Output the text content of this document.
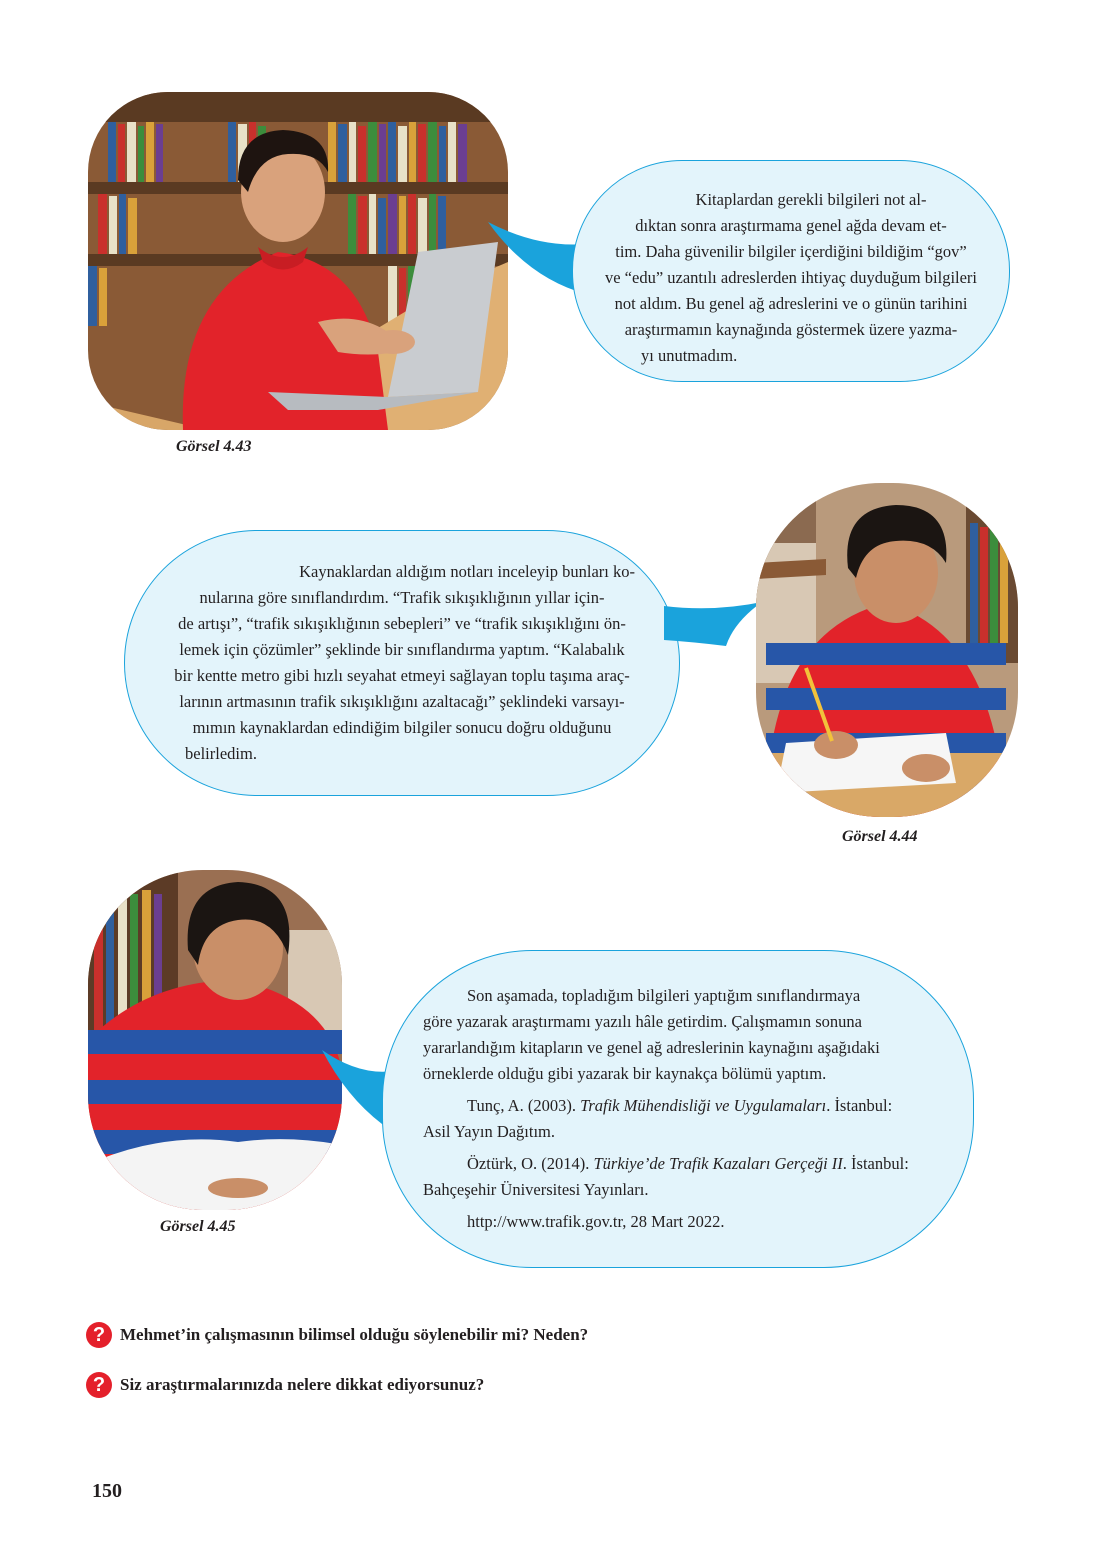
Görsel 4.43

Kitaplardan gerekli bilgileri not al-

dıktan sonra araştırmama genel ağda devam et-

tim. Daha güvenilir bilgiler içerdiğini bildiğim “gov”

ve “edu” uzantılı adreslerden ihtiyaç duyduğum bilgileri

not aldım. Bu genel ağ adreslerini ve o günün tarihini

araştırmamın kaynağında göstermek üzere yazma-

yı unutmadım.

Kaynaklardan aldığım notları inceleyip bunları ko-

nularına göre sınıflandırdım. “Trafik sıkışıklığının yıllar için-

de artışı”, “trafik sıkışıklığının sebepleri” ve “trafik sıkışıklığını ön-

lemek için çözümler” şeklinde bir sınıflandırma yaptım. “Kalabalık

bir kentte metro gibi hızlı seyahat etmeyi sağlayan toplu taşıma araç-

larının artmasının trafik sıkışıklığını azaltacağı” şeklindeki varsayı-

mımın kaynaklardan edindiğim bilgiler sonucu doğru olduğunu

belirledim.

Görsel 4.44
Görsel 4.45

Son aşamada, topladığım bilgileri yaptığım sınıflandırmaya

göre yazarak araştırmamı yazılı hâle getirdim. Çalışmamın sonuna

yararlandığım kitapların ve genel ağ adreslerinin kaynağını aşağıdaki

örneklerde olduğu gibi yazarak bir kaynakça bölümü yaptım.

Tunç, A. (2003). Trafik Mühendisliği ve Uygulamaları. İstanbul:

Asil Yayın Dağıtım.

Öztürk, O. (2014). Türkiye’de Trafik Kazaları Gerçeği II. İstanbul:

Bahçeşehir Üniversitesi Yayınları.

http://www.trafik.gov.tr, 28 Mart 2022.

? Mehmet’in çalışmasının bilimsel olduğu söylenebilir mi? Neden?
? Siz araştırmalarınızda nelere dikkat ediyorsunuz?
150
